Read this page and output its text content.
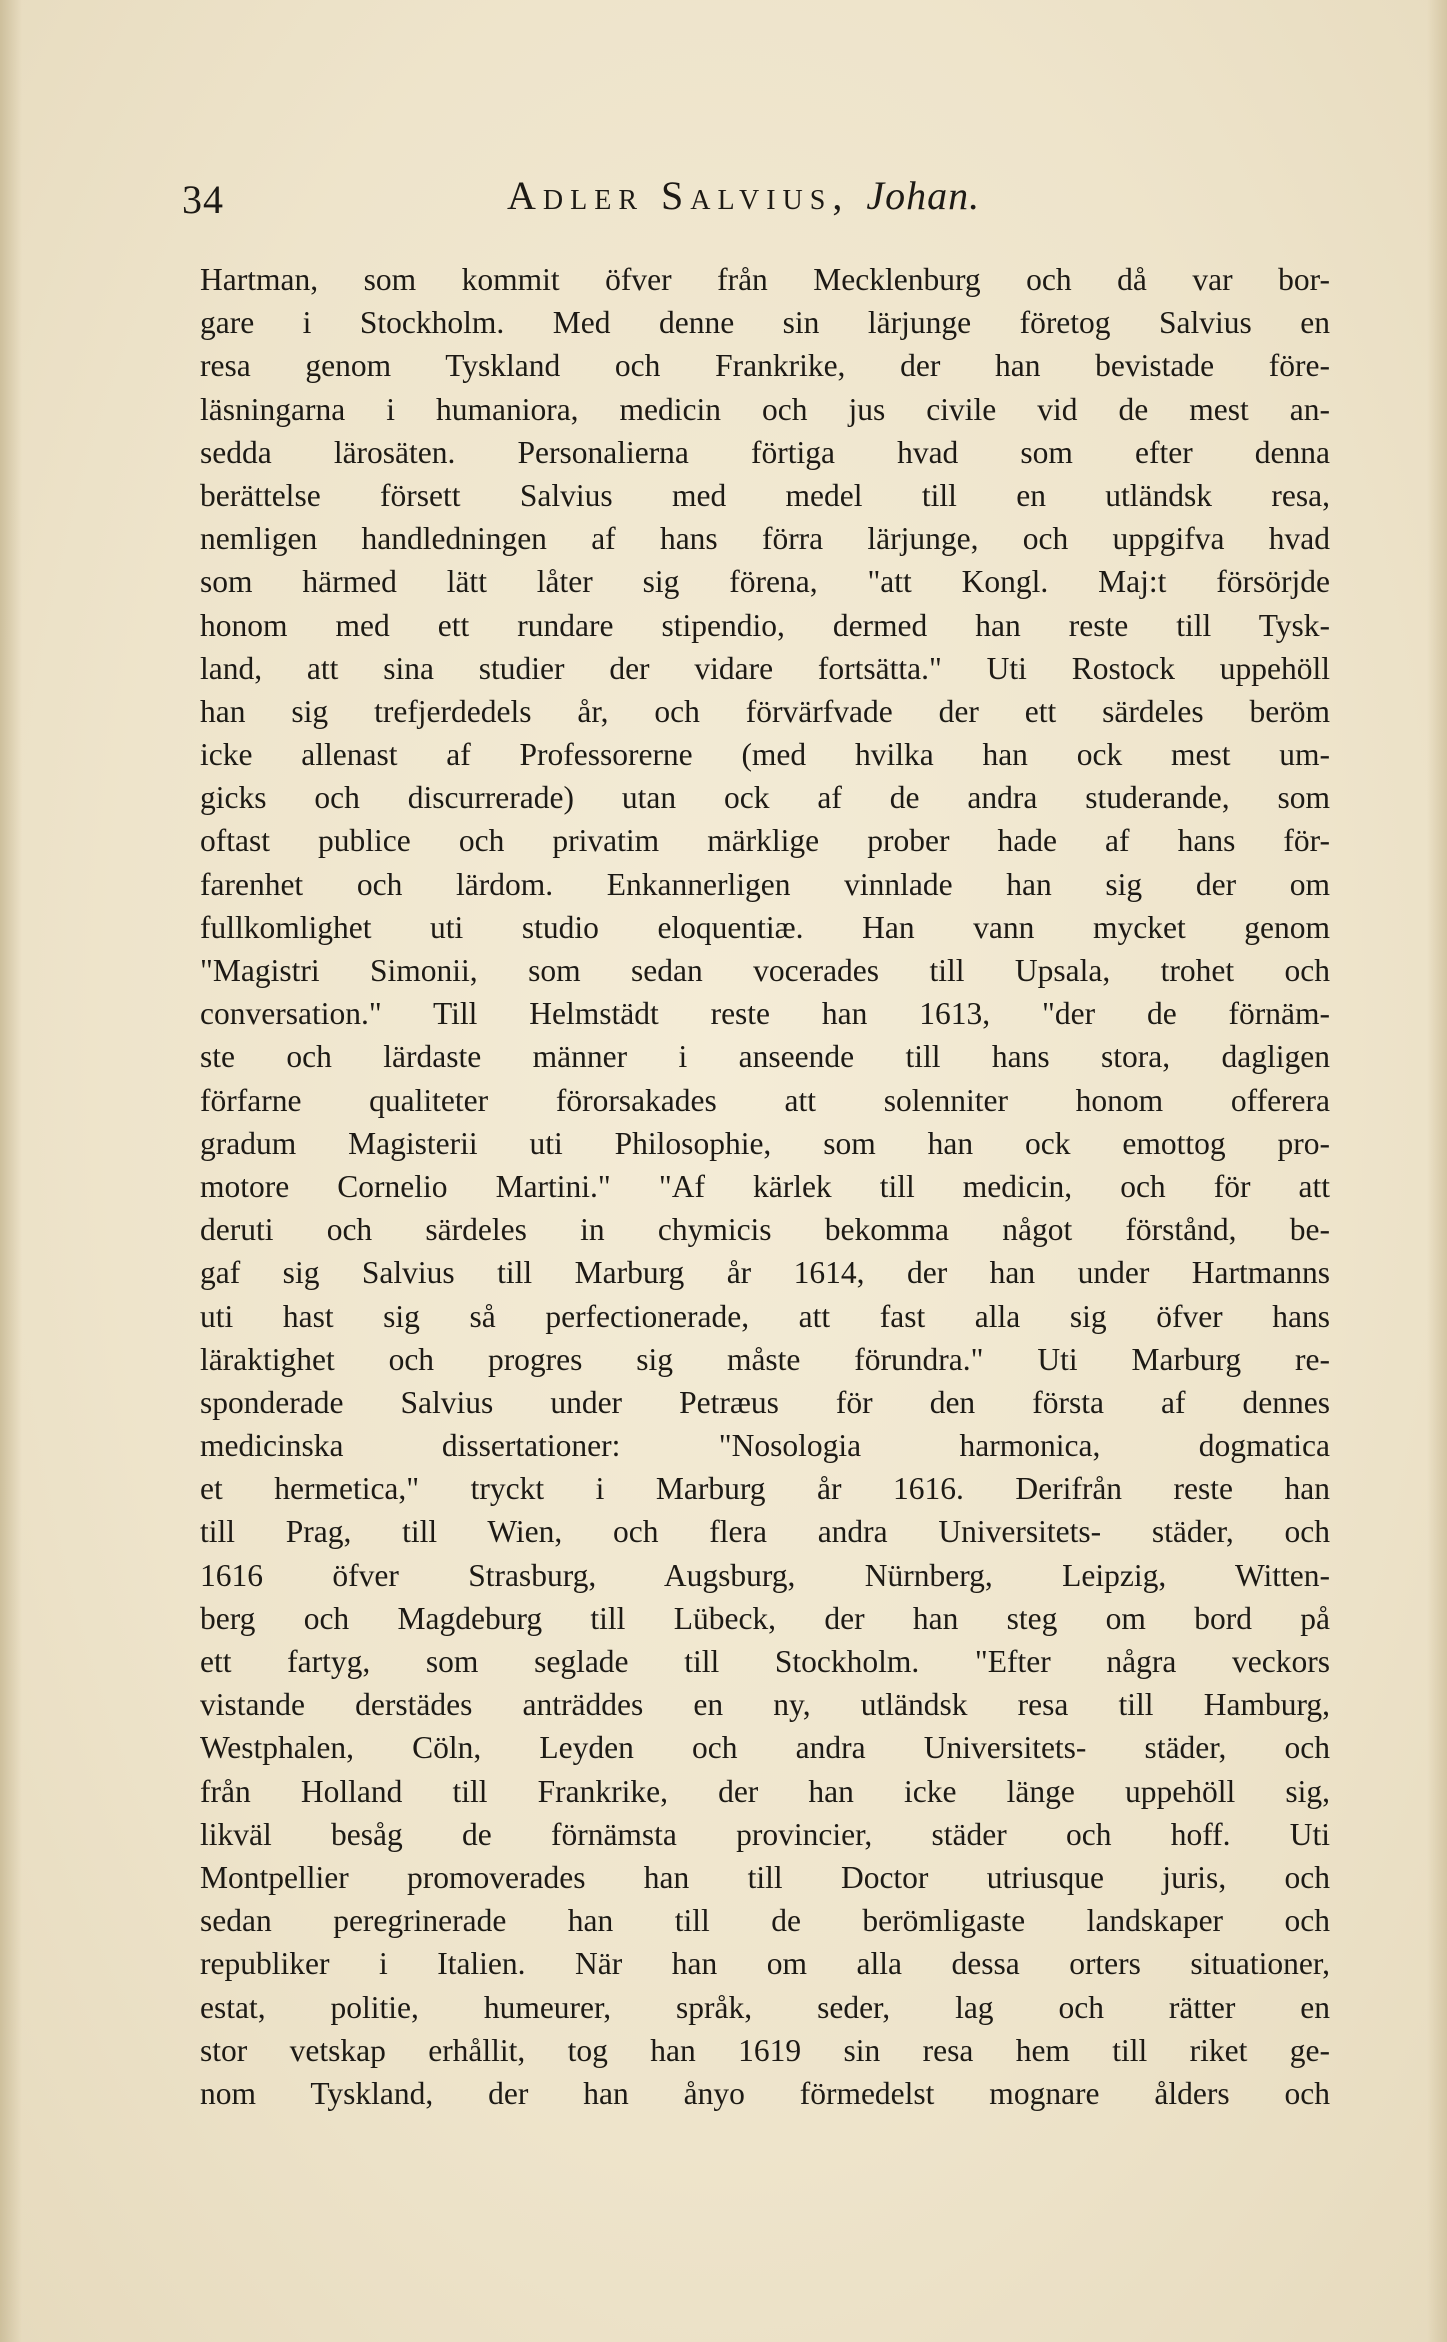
34	Adler Salvius, Johan.
Hartman, som kommit öfver från Mecklenburg och då var bor-
gare i Stockholm. Med denne sin lärjunge företog Salvius en
resa genom Tyskland och Frankrike, der han bevistade före-
läsningarna i humaniora, medicin och jus civile vid de mest an-
sedda lärosäten. Personalierna förtiga hvad som efter denna
berättelse försett Salvius med medel till en utländsk resa,
nemligen handledningen af hans förra lärjunge, och uppgifva hvad
som härmed lätt låter sig förena, "att Kongl. Maj:t försörjde
honom med ett rundare stipendio, dermed han reste till Tysk-
land, att sina studier der vidare fortsätta." Uti Rostock uppehöll
han sig trefjerdedels år, och förvärfvade der ett särdeles beröm
icke allenast af Professorerne (med hvilka han ock mest um-
gicks och discurrerade) utan ock af de andra studerande, som
oftast publice och privatim märklige prober hade af hans för-
farenhet och lärdom. Enkannerligen vinnlade han sig der om
fullkomlighet uti studio eloquentiæ. Han vann mycket genom
"Magistri Simonii, som sedan vocerades till Upsala, trohet och
conversation." Till Helmstädt reste han 1613, "der de förnäm-
ste och lärdaste männer i anseende till hans stora, dagligen
förfarne qualiteter förorsakades att solenniter honom offerera
gradum Magisterii uti Philosophie, som han ock emottog pro-
motore Cornelio Martini." "Af kärlek till medicin, och för att
deruti och särdeles in chymicis bekomma något förstånd, be-
gaf sig Salvius till Marburg år 1614, der han under Hartmanns
uti hast sig så perfectionerade, att fast alla sig öfver hans
läraktighet och progres sig måste förundra." Uti Marburg re-
sponderade Salvius under Petræus för den första af dennes
medicinska dissertationer: "Nosologia harmonica, dogmatica
et hermetica," tryckt i Marburg år 1616. Derifrån reste han
till Prag, till Wien, och flera andra Universitets- städer, och
1616 öfver Strasburg, Augsburg, Nürnberg, Leipzig, Witten-
berg och Magdeburg till Lübeck, der han steg om bord på
ett fartyg, som seglade till Stockholm. "Efter några veckors
vistande derstädes anträddes en ny, utländsk resa till Hamburg,
Westphalen, Cöln, Leyden och andra Universitets- städer, och
från Holland till Frankrike, der han icke länge uppehöll sig,
likväl besåg de förnämsta provincier, städer och hoff. Uti
Montpellier promoverades han till Doctor utriusque juris, och
sedan peregrinerade han till de berömligaste landskaper och
republiker i Italien. När han om alla dessa orters situationer,
estat, politie, humeurer, språk, seder, lag och rätter en
stor vetskap erhållit, tog han 1619 sin resa hem till riket ge-
nom Tyskland, der han ånyo förmedelst mognare ålders och
